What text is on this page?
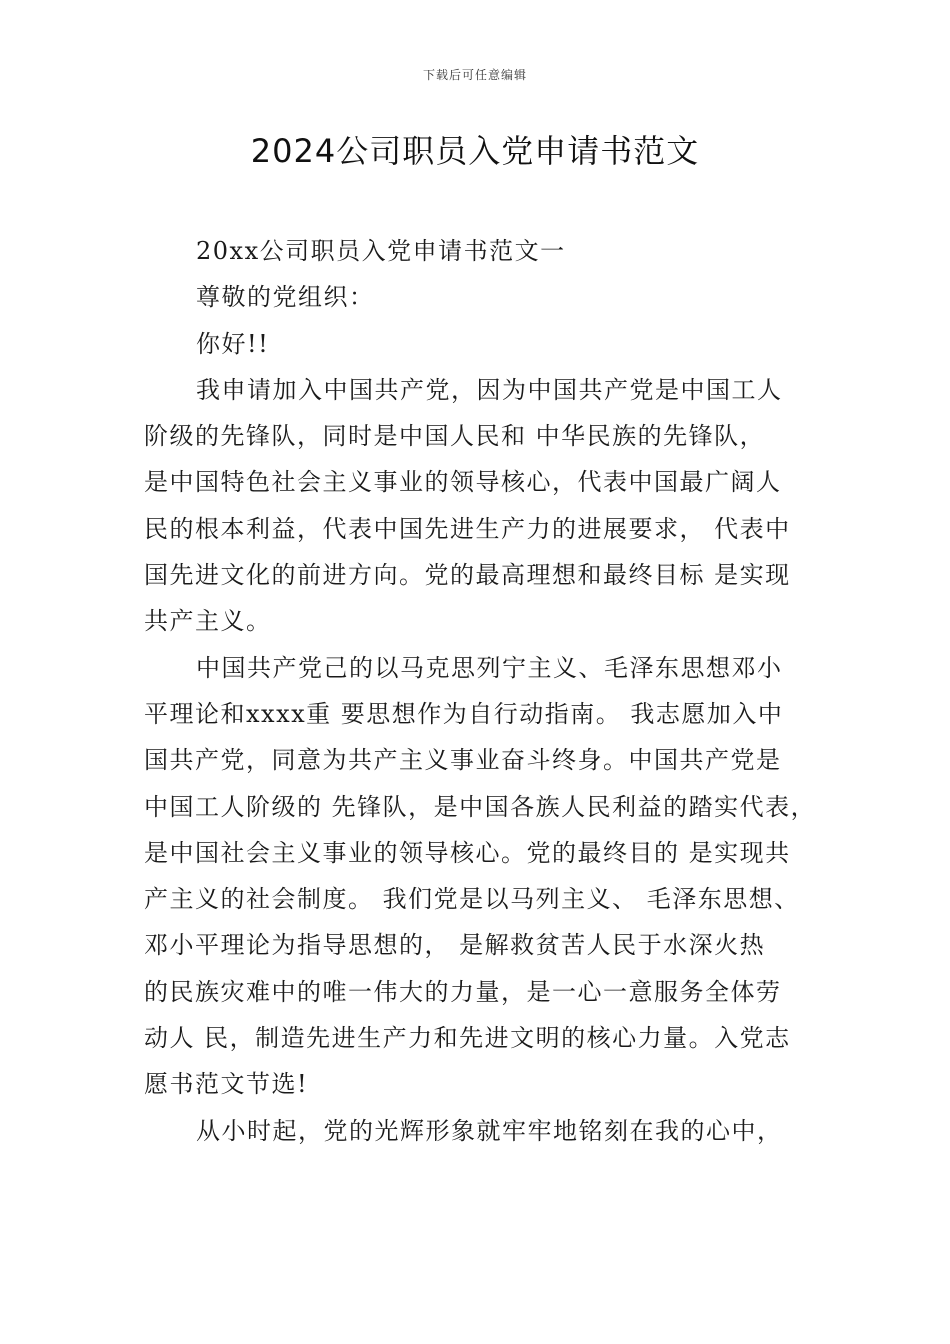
下载后可任意编辑
2024公司职员入党申请书范文
20xx公司职员入党申请书范文一
尊敬的党组织：
你好!!
我申请加入中国共产党，因为中国共产党是中国工人
阶级的先锋队，同时是中国人民和 中华民族的先锋队，
是中国特色社会主义事业的领导核心，代表中国最广阔人
民的根本利益，代表中国先进生产力的进展要求， 代表中
国先进文化的前进方向。党的最高理想和最终目标 是实现
共产主义。
中国共产党己的以马克思列宁主义、毛泽东思想邓小
平理论和xxxx重 要思想作为自行动指南。 我志愿加入中
国共产党，同意为共产主义事业奋斗终身。中国共产党是
中国工人阶级的 先锋队，是中国各族人民利益的踏实代表，
是中国社会主义事业的领导核心。党的最终目的 是实现共
产主义的社会制度。 我们党是以马列主义、 毛泽东思想、
邓小平理论为指导思想的， 是解救贫苦人民于水深火热
的民族灾难中的唯一伟大的力量，是一心一意服务全体劳
动人 民，制造先进生产力和先进文明的核心力量。入党志
愿书范文节选!
从小时起，党的光辉形象就牢牢地铭刻在我的心中，
